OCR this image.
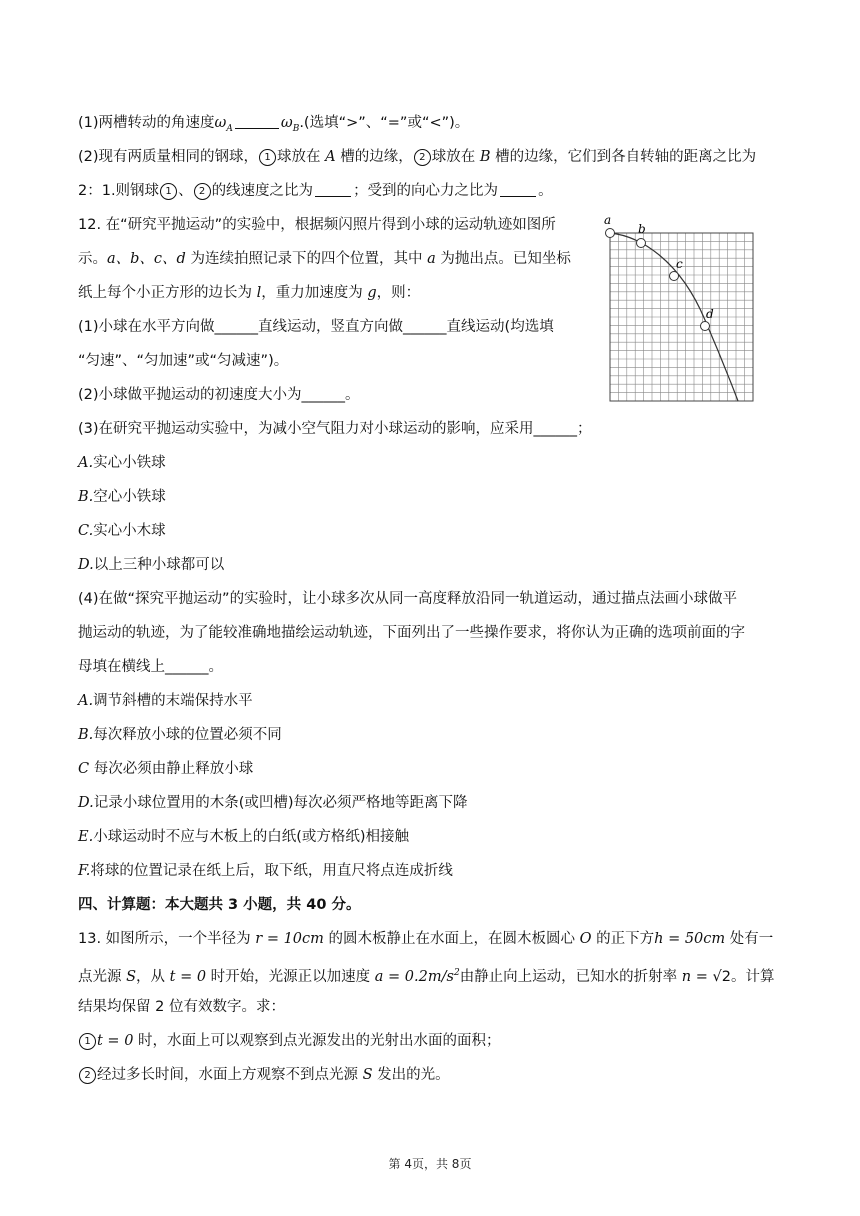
(1)两槽转动的角速度$\omega_A$	$\omega_B$.(选填“>”、“=”或“<”)。
(2)现有两质量相同的钢球， 1 球放在 A 槽的边缘， 2 球放在 B 槽的边缘，它们到各自转轴的距离之比为
2：1.则钢球 1 、 2 的线速度之比为	；受到的向心力之比为	。
12. 在“研究平抛运动”的实验中，根据频闪照片得到小球的运动轨迹如图所
示。a、b、c、d 为连续拍照记录下的四个位置，其中 a 为抛出点。已知坐标
纸上每个小正方形的边长为 l，重力加速度为 g，则：
(1)小球在水平方向做______直线运动，竖直方向做______直线运动(均选填
“匀速”、“匀加速”或“匀减速”)。
(2)小球做平抛运动的初速度大小为______。
(3)在研究平抛运动实验中，为减小空气阻力对小球运动的影响，应采用______；
A.实心小铁球
B.空心小铁球
C.实心小木球
D.以上三种小球都可以
(4)在做“探究平抛运动”的实验时，让小球多次从同一高度释放沿同一轨道运动，通过描点法画小球做平
抛运动的轨迹，为了能较准确地描绘运动轨迹，下面列出了一些操作要求，将你认为正确的选项前面的字
母填在横线上______。
A.调节斜槽的末端保持水平
B.每次释放小球的位置必须不同
C 每次必须由静止释放小球
D.记录小球位置用的木条(或凹槽)每次必须严格地等距离下降
E.小球运动时不应与木板上的白纸(或方格纸)相接触
F.将球的位置记录在纸上后，取下纸，用直尺将点连成折线
四、计算题：本大题共 3 小题，共 40 分。
13. 如图所示，一个半径为 r = 10cm 的圆木板静止在水面上，在圆木板圆心 O 的正下方h = 50cm 处有一
点光源 S，从 t = 0 时开始，光源正以加速度 $a = 0.2m/s^2$由静止向上运动，已知水的折射率 n = √2。计算
结果均保留 2 位有效数字。求：
1 t = 0 时，水面上可以观察到点光源发出的光射出水面的面积；
2 经过多长时间，水面上方观察不到点光源 S 发出的光。
a
b
c
d
第 4页，共 8页
